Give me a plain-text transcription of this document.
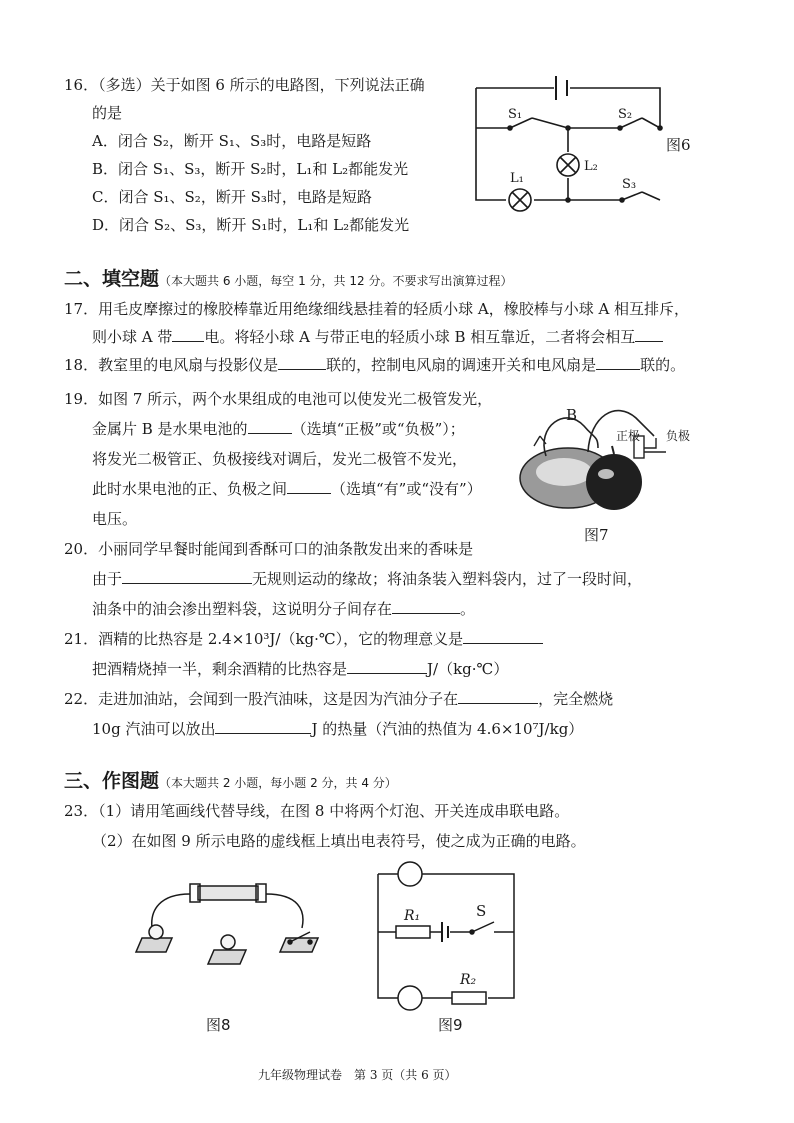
16．（多选）关于如图 6 所示的电路图，下列说法正确
的是
A．闭合 S₂，断开 S₁、S₃时，电路是短路
B．闭合 S₁、S₃，断开 S₂时，L₁和 L₂都能发光
C．闭合 S₁、S₂，断开 S₃时，电路是短路
D．闭合 S₂、S₃，断开 S₁时，L₁和 L₂都能发光
S₁	S₂
S₃
L₁
L₂
图6
二、填空题（本大题共 6 小题，每空 1 分，共 12 分。不要求写出演算过程）
17．用毛皮摩擦过的橡胶棒靠近用绝缘细线悬挂着的轻质小球 A，橡胶棒与小球 A 相互排斥，
则小球 A 带 电。将轻小球 A 与带正电的轻质小球 B 相互靠近，二者将会相互
18．教室里的电风扇与投影仪是	联的，控制电风扇的调速开关和电风扇是	联的。
19．如图 7 所示，两个水果组成的电池可以使发光二极管发光，
金属片 B 是水果电池的	（选填“正极”或“负极”）；
将发光二极管正、负极接线对调后，发光二极管不发光，
此时水果电池的正、负极之间	（选填“有”或“没有”）
电压。
B
正极 负极
图7
20．小丽同学早餐时能闻到香酥可口的油条散发出来的香味是
由于	无规则运动的缘故；将油条装入塑料袋内，过了一段时间，
油条中的油会渗出塑料袋，这说明分子间存在	。
21．酒精的比热容是 2.4×10³J/（kg·℃），它的物理意义是
把酒精烧掉一半，剩余酒精的比热容是	J/（kg·℃）
22．走进加油站，会闻到一股汽油味，这是因为汽油分子在	，完全燃烧
10g 汽油可以放出	J 的热量（汽油的热值为 4.6×10⁷J/kg）
三、作图题（本大题共 2 小题，每小题 2 分，共 4 分）
23．（1）请用笔画线代替导线，在图 8 中将两个灯泡、开关连成串联电路。
（2）在如图 9 所示电路的虚线框上填出电表符号，使之成为正确的电路。
图8
R₁	S
R₂
图9
九年级物理试卷　第 3 页（共 6 页）
